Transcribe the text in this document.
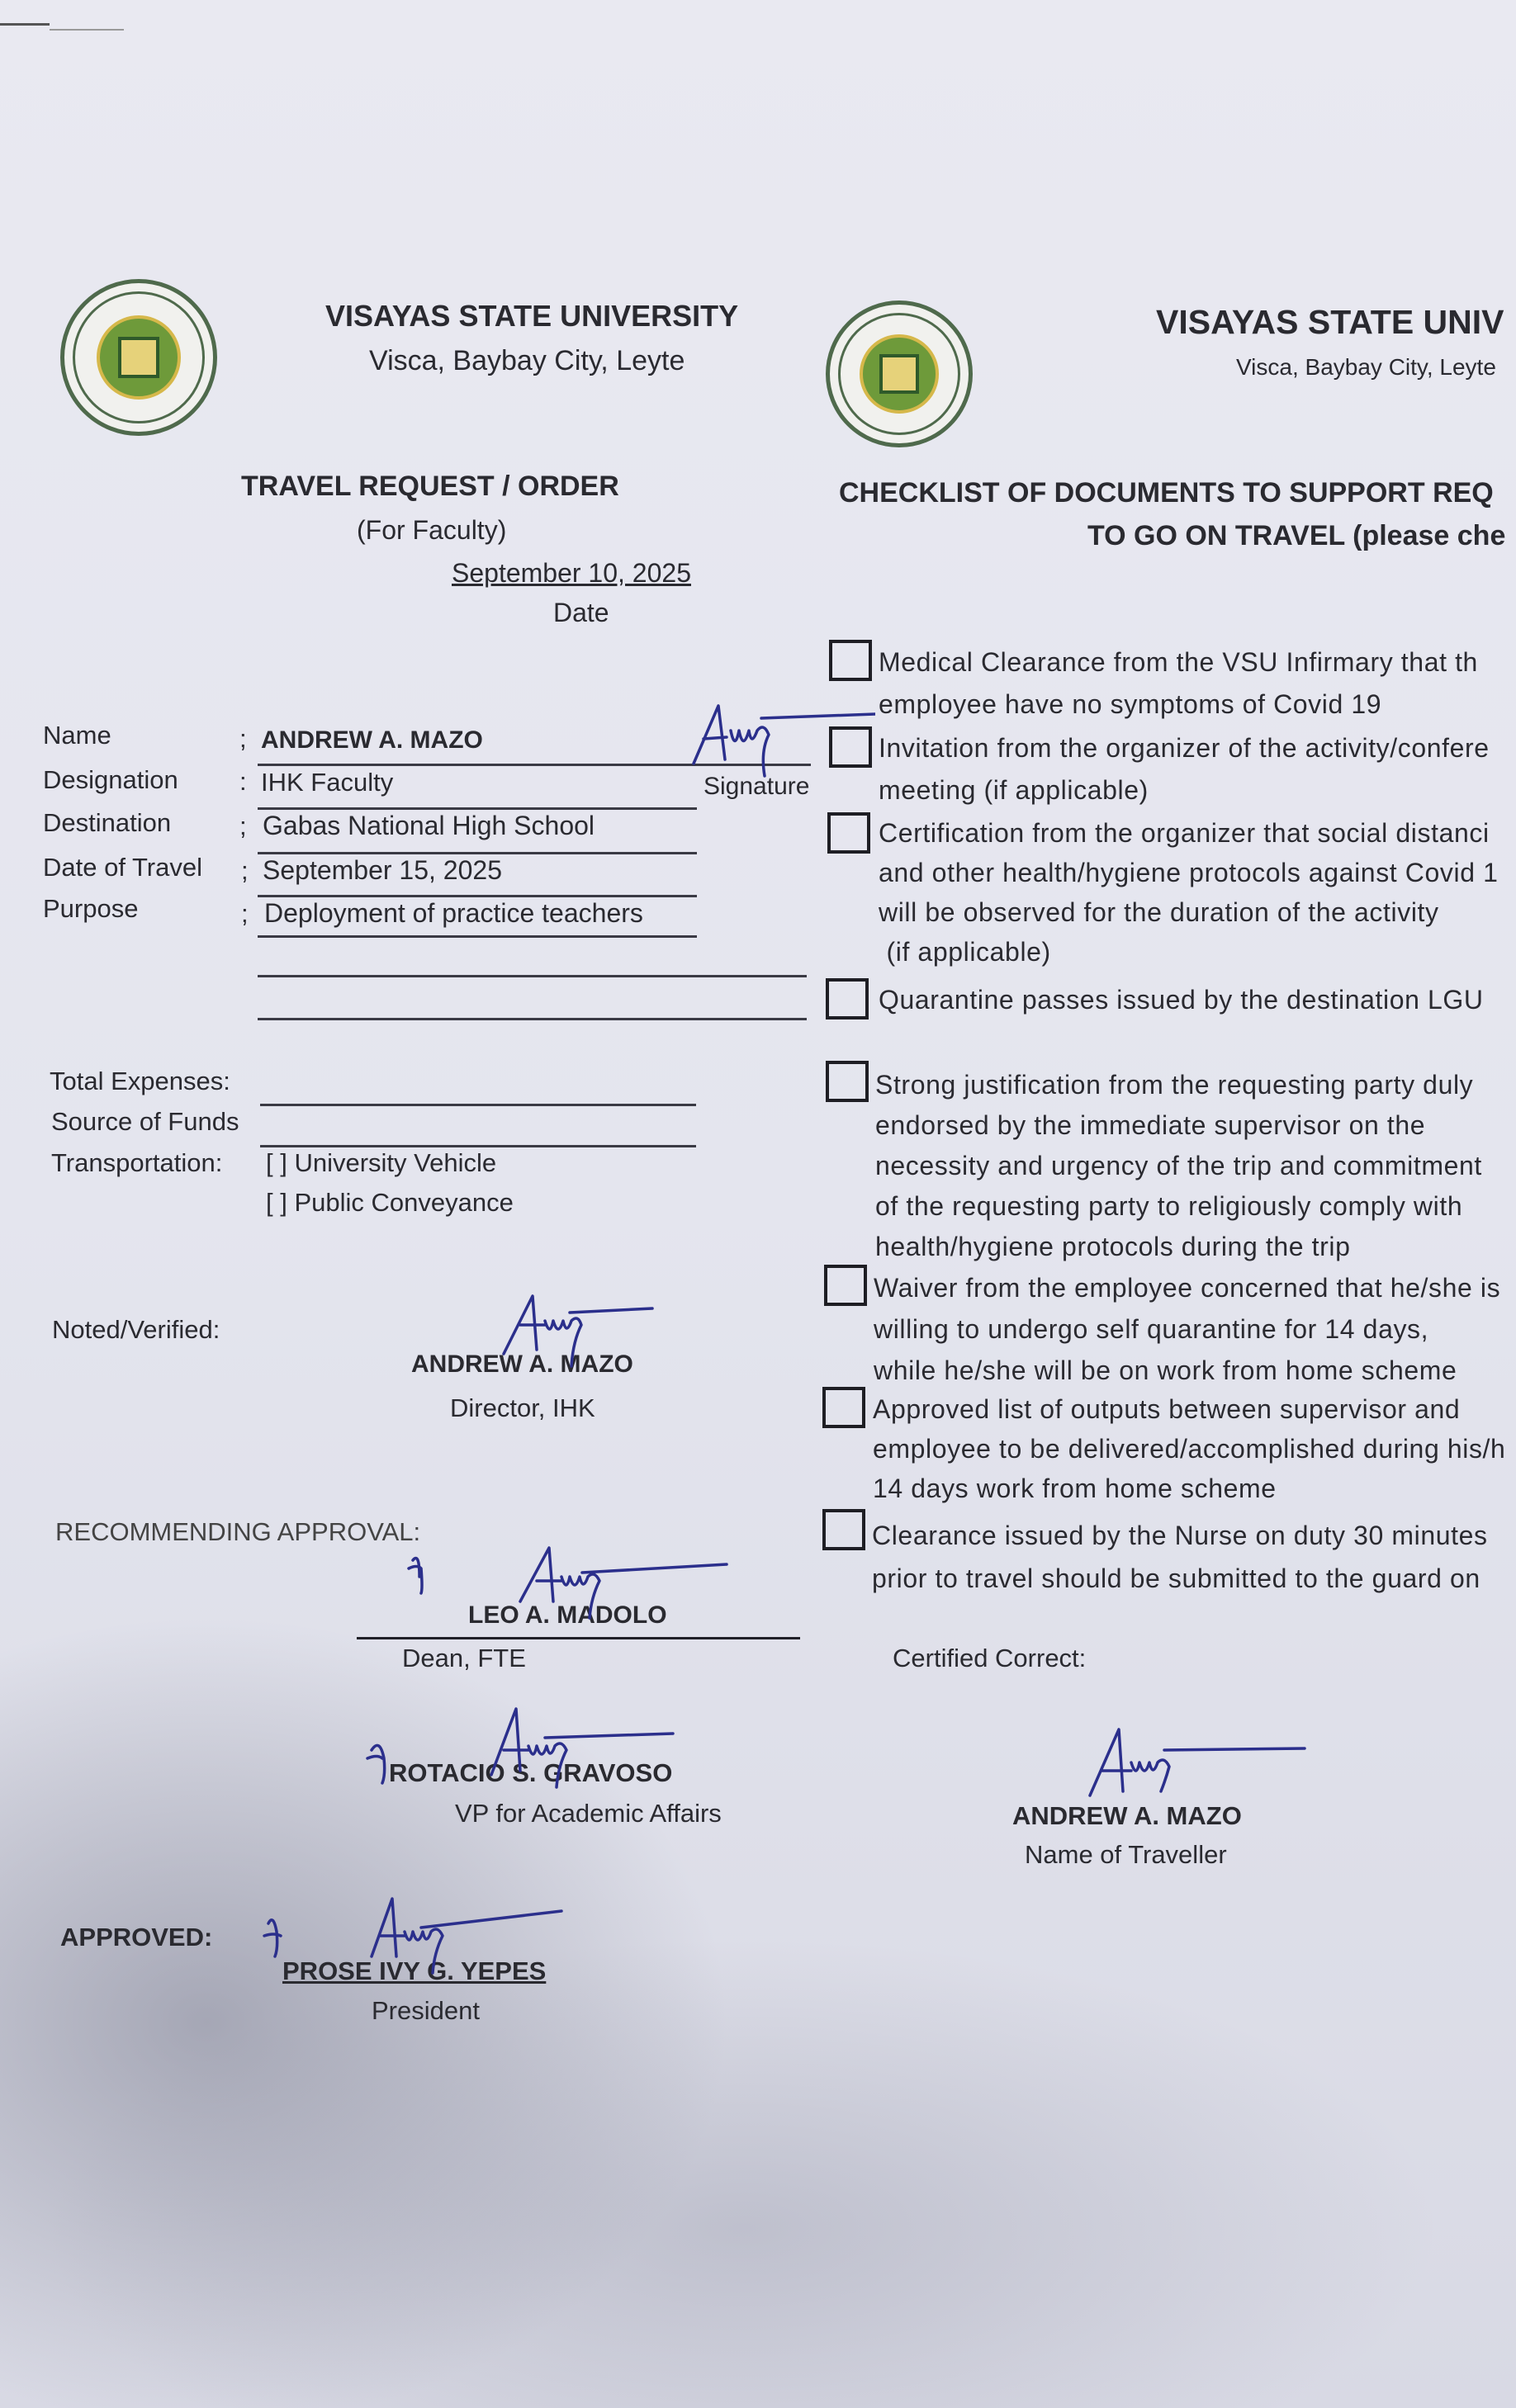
VISAYAS STATE UNIVERSITY
Visca, Baybay City, Leyte
TRAVEL REQUEST / ORDER
(For Faculty)
September 10, 2025
Date
Name	; ANDREW A. MAZO
Designation : IHK Faculty	Signature
Destination	; Gabas National High School
Date of Travel ; September 15, 2025
Purpose	; Deployment of practice teachers
Total Expenses:
Source of Funds
Transportation: [ ] University Vehicle
[ ] Public Conveyance
Noted/Verified:
ANDREW A. MAZO
Director, IHK
RECOMMENDING APPROVAL:
LEO A. MADOLO
Dean, FTE
ROTACIO S. GRAVOSO
VP for Academic Affairs
APPROVED:
PROSE IVY G. YEPES
President
VISAYAS STATE UNIV
Visca, Baybay City, Leyte
CHECKLIST OF DOCUMENTS TO SUPPORT REQ
TO GO ON TRAVEL (please che
Medical Clearance from the VSU Infirmary that th
employee have no symptoms of Covid 19
Invitation from the organizer of the activity/confere
meeting (if applicable)
Certification from the organizer that social distanci
and other health/hygiene protocols against Covid 1
will be observed for the duration of the activity
(if applicable)
Quarantine passes issued by the destination LGU
Strong justification from the requesting party duly
endorsed by the immediate supervisor on the
necessity and urgency of the trip and commitment
of the requesting party to religiously comply with
health/hygiene protocols during the trip
Waiver from the employee concerned that he/she is
willing to undergo self quarantine for 14 days,
while he/she will be on work from home scheme
Approved list of outputs between supervisor and
employee to be delivered/accomplished during his/h
14 days work from home scheme
Clearance issued by the Nurse on duty 30 minutes
prior to travel should be submitted to the guard on
Certified Correct:
ANDREW A. MAZO
Name of Traveller
